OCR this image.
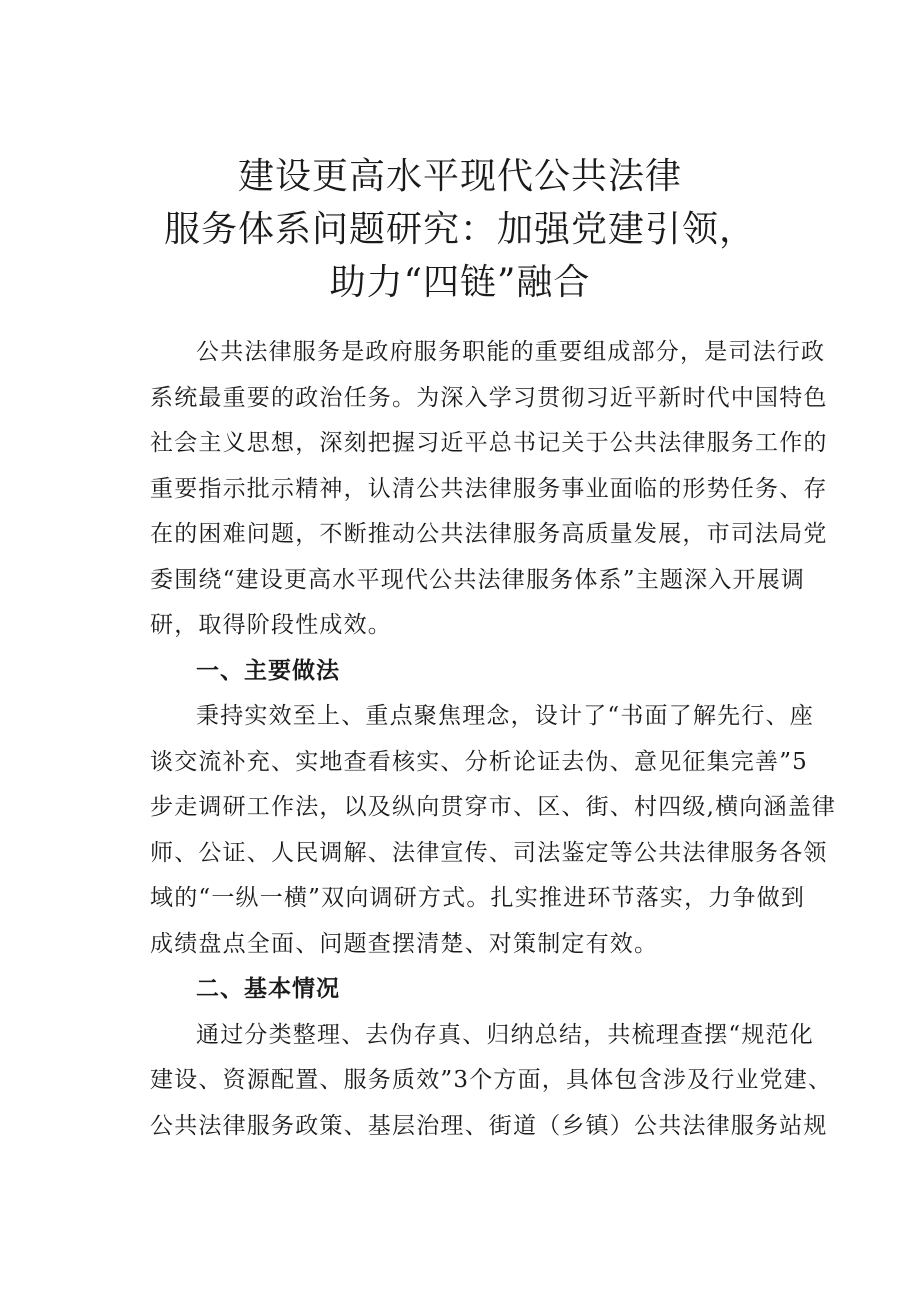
建设更高水平现代公共法律
服务体系问题研究：加强党建引领，
助力“四链”融合

公共法律服务是政府服务职能的重要组成部分，是司法行政
系统最重要的政治任务。为深入学习贯彻习近平新时代中国特色
社会主义思想，深刻把握习近平总书记关于公共法律服务工作的
重要指示批示精神，认清公共法律服务事业面临的形势任务、存
在的困难问题，不断推动公共法律服务高质量发展，市司法局党
委围绕“建设更高水平现代公共法律服务体系”主题深入开展调
研，取得阶段性成效。

一、主要做法

秉持实效至上、重点聚焦理念，设计了“书面了解先行、座
谈交流补充、实地查看核实、分析论证去伪、意见征集完善”5
步走调研工作法，以及纵向贯穿市、区、街、村四级,横向涵盖律
师、公证、人民调解、法律宣传、司法鉴定等公共法律服务各领
域的“一纵一横”双向调研方式。扎实推进环节落实，力争做到
成绩盘点全面、问题查摆清楚、对策制定有效。

二、基本情况

通过分类整理、去伪存真、归纳总结，共梳理查摆“规范化
建设、资源配置、服务质效”3个方面，具体包含涉及行业党建、
公共法律服务政策、基层治理、街道（乡镇）公共法律服务站规
